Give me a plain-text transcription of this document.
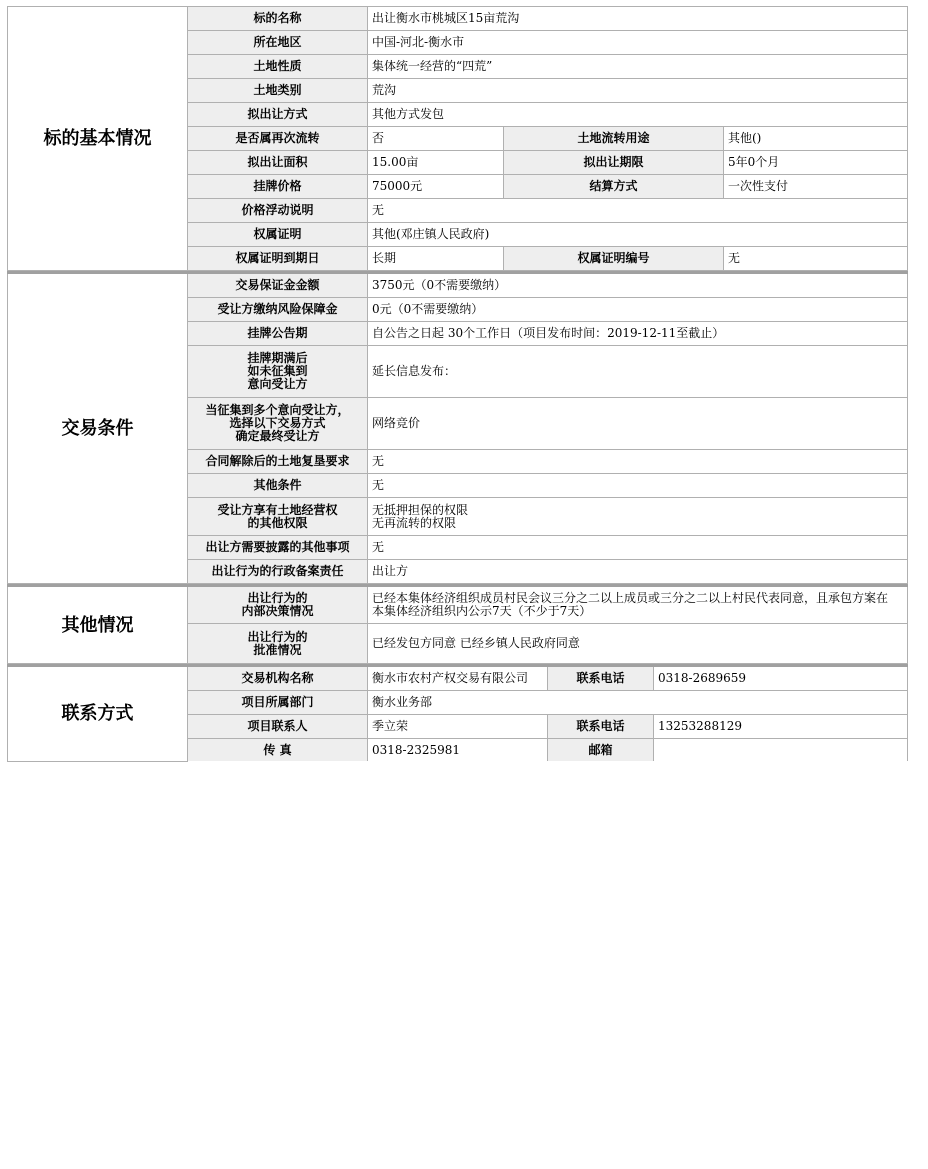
标的基本情况	标的名称	出让衡水市桃城区15亩荒沟		
	所在地区	中国-河北-衡水市		
	土地性质	集体统一经营的“四荒”		
	土地类别	荒沟		
	拟出让方式	其他方式发包		
	是否属再次流转	否	土地流转用途	其他()
	拟出让面积	15.00亩	拟出让期限	5年0个月
	挂牌价格	75000元	结算方式	一次性支付
	价格浮动说明	无		
	权属证明	其他(邓庄镇人民政府)		
	权属证明到期日	长期	权属证明编号	无
交易条件	交易保证金金额	3750元（0不需要缴纳）
	受让方缴纳风险保障金	0元（0不需要缴纳）
	挂牌公告期	自公告之日起 30个工作日（项目发布时间：2019-12-11至截止）

	挂牌期满后
如未征集到
意向受让方	延长信息发布：

	当征集到多个意向受让方，
选择以下交易方式
确定最终受让方	网络竞价
	合同解除后的土地复垦要求	无
	其他条件	无

	受让方享有土地经营权
的其他权限	无抵押担保的权限
无再流转的权限

	出让方需要披露的其他事项	无
	出让行为的行政备案责任	出让方
其他情况	出让行为的
内部决策情况	已经本集体经济组织成员村民会议三分之二以上成员或三分之二以上村民代表同意，且承包方案在
本集体经济组织内公示7天（不少于7天）

	出让行为的
批准情况	已经发包方同意 已经乡镇人民政府同意
联系方式	交易机构名称	衡水市农村产权交易有限公司	联系电话	0318-2689659
	项目所属部门	衡水业务部		
	项目联系人	季立荣	联系电话	13253288129
	传 真	0318-2325981	邮箱	
